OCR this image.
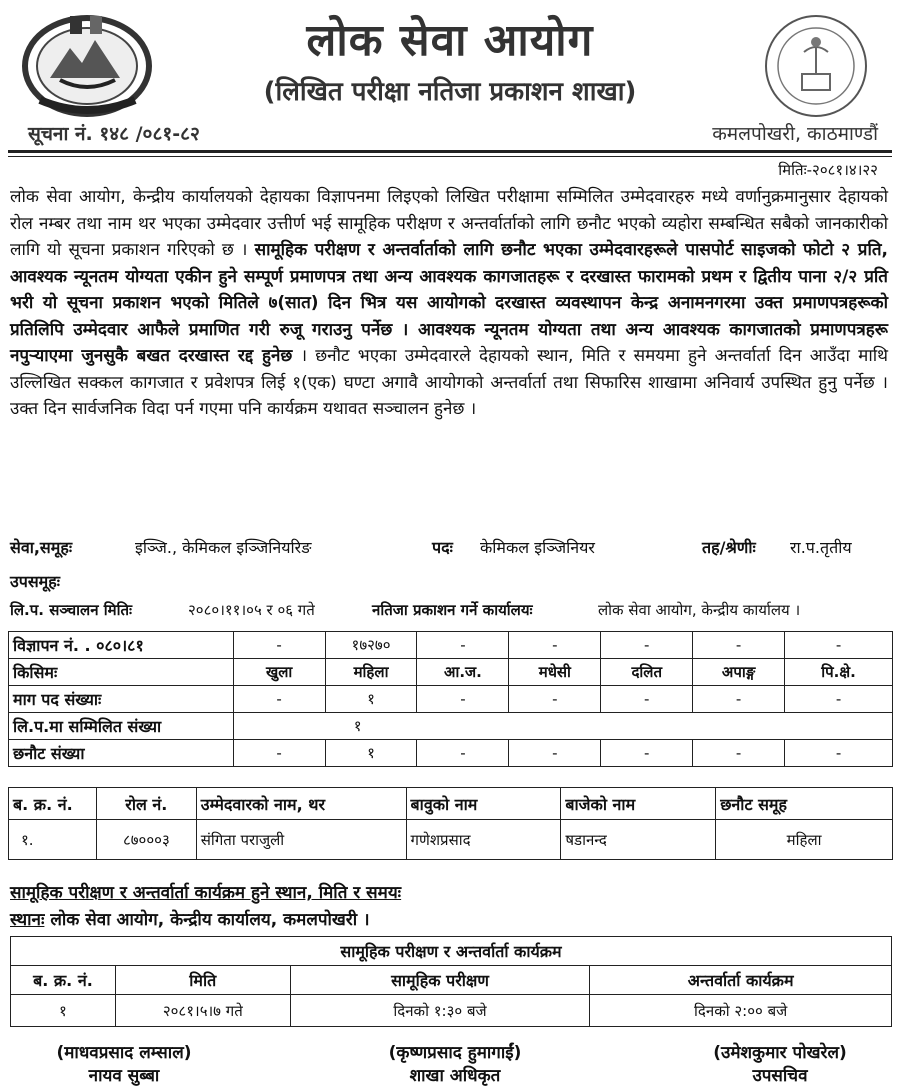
लोक सेवा आयोग
(लिखित परीक्षा नतिजा प्रकाशन शाखा)
सूचना नं. १४८ /०८१-८२	कमलपोखरी, काठमाण्डौं
मितिः-२०८१।४।२२
लोक सेवा आयोग, केन्द्रीय कार्यालयको देहायका विज्ञापनमा लिइएको लिखित परीक्षामा सम्मिलित उम्मेदवारहरु मध्ये वर्णानुक्रमानुसार देहायको रोल नम्बर तथा नाम थर भएका उम्मेदवार उत्तीर्ण भई सामूहिक परीक्षण र अन्तर्वार्ताको लागि छनौट भएको व्यहोरा सम्बन्धित सबैको जानकारीको लागि यो सूचना प्रकाशन गरिएको छ । सामूहिक परीक्षण र अन्तर्वार्ताको लागि छनौट भएका उम्मेदवारहरूले पासपोर्ट साइजको फोटो २ प्रति, आवश्यक न्यूनतम योग्यता एकीन हुने सम्पूर्ण प्रमाणपत्र तथा अन्य आवश्यक कागजातहरू र दरखास्त फारामको प्रथम र द्वितीय पाना २/२ प्रति भरी यो सूचना प्रकाशन भएको मितिले ७(सात) दिन भित्र यस आयोगको दरखास्त व्यवस्थापन केन्द्र अनामनगरमा उक्त प्रमाणपत्रहरूको प्रतिलिपि उम्मेदवार आफैले प्रमाणित गरी रुजू गराउनु पर्नेछ । आवश्यक न्यूनतम योग्यता तथा अन्य आवश्यक कागजातको प्रमाणपत्रहरू नपुऱ्याएमा जुनसुकै बखत दरखास्त रद्द हुनेछ । छनौट भएका उम्मेदवारले देहायको स्थान, मिति र समयमा हुने अन्तर्वार्ता दिन आउँदा माथि उल्लिखित सक्कल कागजात र प्रवेशपत्र लिई १(एक) घण्टा अगावै आयोगको अन्तर्वार्ता तथा सिफारिस शाखामा अनिवार्य उपस्थित हुनु पर्नेछ । उक्त दिन सार्वजनिक विदा पर्न गएमा पनि कार्यक्रम यथावत सञ्चालन हुनेछ ।
सेवा,समूहः	इञ्जि., केमिकल इञ्जिनियरिङ	पदः केमिकल इञ्जिनियर	तह/श्रेणीः रा.प.तृतीय
उपसमूहः
लि.प. सञ्चालन मितिः	२०८०।११।०५ र ०६ गते	नतिजा प्रकाशन गर्ने कार्यालयः	लोक सेवा आयोग, केन्द्रीय कार्यालय ।
विज्ञापन नं. . ०८०।८१	-	१७२७०	-	-	-	-	-
किसिमः	खुला	महिला	आ.ज.	मधेसी	दलित	अपाङ्ग	पि.क्षे.
माग पद संख्याः	-	१	-	-	-	-	-
लि.प.मा सम्मिलित संख्या	१						
छनौट संख्या	-	१	-	-	-	-	-
ब. क्र. नं.	रोल नं.	उम्मेदवारको नाम, थर	बावुको नाम	बाजेको नाम	छनौट समूह
१.	८७०००३	संगिता पराजुली	गणेशप्रसाद	षडानन्द	महिला
सामूहिक परीक्षण र अन्तर्वार्ता कार्यक्रम हुने स्थान, मिति र समयः
स्थानः लोक सेवा आयोग, केन्द्रीय कार्यालय, कमलपोखरी ।
सामूहिक परीक्षण र अन्तर्वार्ता कार्यक्रम			
ब. क्र. नं.	मिति	सामूहिक परीक्षण	अन्तर्वार्ता कार्यक्रम
१	२०८१।५।७ गते	दिनको १:३० बजे	दिनको २:०० बजे
(माधवप्रसाद लम्साल)
नायव सुब्बा
(कृष्णप्रसाद हुमागाईं)
शाखा अधिकृत
(उमेशकुमार पोखरेल)
उपसचिव
